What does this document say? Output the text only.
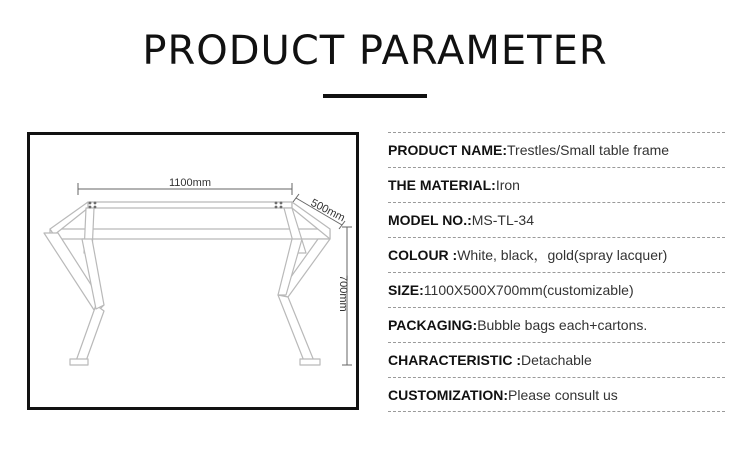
PRODUCT PARAMETER
1100mm
500mm
700mm
PRODUCT NAME: Trestles/Small table frame
THE MATERIAL: Iron
MODEL NO.: MS-TL-34
COLOUR : White, black，gold(spray lacquer)
SIZE: 1100X500X700mm(customizable)
PACKAGING: Bubble bags each+cartons.
CHARACTERISTIC : Detachable
CUSTOMIZATION: Please consult us
